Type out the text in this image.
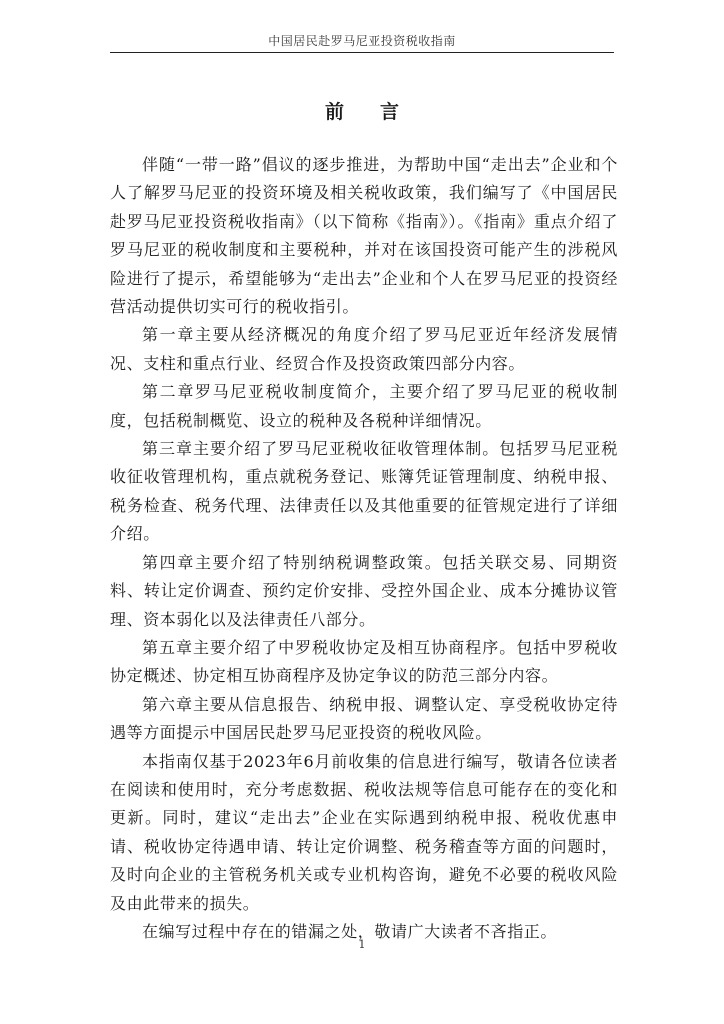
中国居民赴罗马尼亚投资税收指南
前言

伴随“一带一路”倡议的逐步推进，为帮助中国“走出去”企业和个人了解罗马尼亚的投资环境及相关税收政策，我们编写了《中国居民赴罗马尼亚投资税收指南》（以下简称《指南》）。《指南》重点介绍了罗马尼亚的税收制度和主要税种，并对在该国投资可能产生的涉税风险进行了提示，希望能够为“走出去”企业和个人在罗马尼亚的投资经营活动提供切实可行的税收指引。

第一章主要从经济概况的角度介绍了罗马尼亚近年经济发展情况、支柱和重点行业、经贸合作及投资政策四部分内容。

第二章罗马尼亚税收制度简介，主要介绍了罗马尼亚的税收制度，包括税制概览、设立的税种及各税种详细情况。

第三章主要介绍了罗马尼亚税收征收管理体制。包括罗马尼亚税收征收管理机构，重点就税务登记、账簿凭证管理制度、纳税申报、税务检查、税务代理、法律责任以及其他重要的征管规定进行了详细介绍。

第四章主要介绍了特别纳税调整政策。包括关联交易、同期资料、转让定价调查、预约定价安排、受控外国企业、成本分摊协议管理、资本弱化以及法律责任八部分。

第五章主要介绍了中罗税收协定及相互协商程序。包括中罗税收协定概述、协定相互协商程序及协定争议的防范三部分内容。

第六章主要从信息报告、纳税申报、调整认定、享受税收协定待遇等方面提示中国居民赴罗马尼亚投资的税收风险。

本指南仅基于2023年6月前收集的信息进行编写，敬请各位读者在阅读和使用时，充分考虑数据、税收法规等信息可能存在的变化和更新。同时，建议“走出去”企业在实际遇到纳税申报、税收优惠申请、税收协定待遇申请、转让定价调整、税务稽查等方面的问题时，及时向企业的主管税务机关或专业机构咨询，避免不必要的税收风险及由此带来的损失。

在编写过程中存在的错漏之处，敬请广大读者不吝指正。

1
